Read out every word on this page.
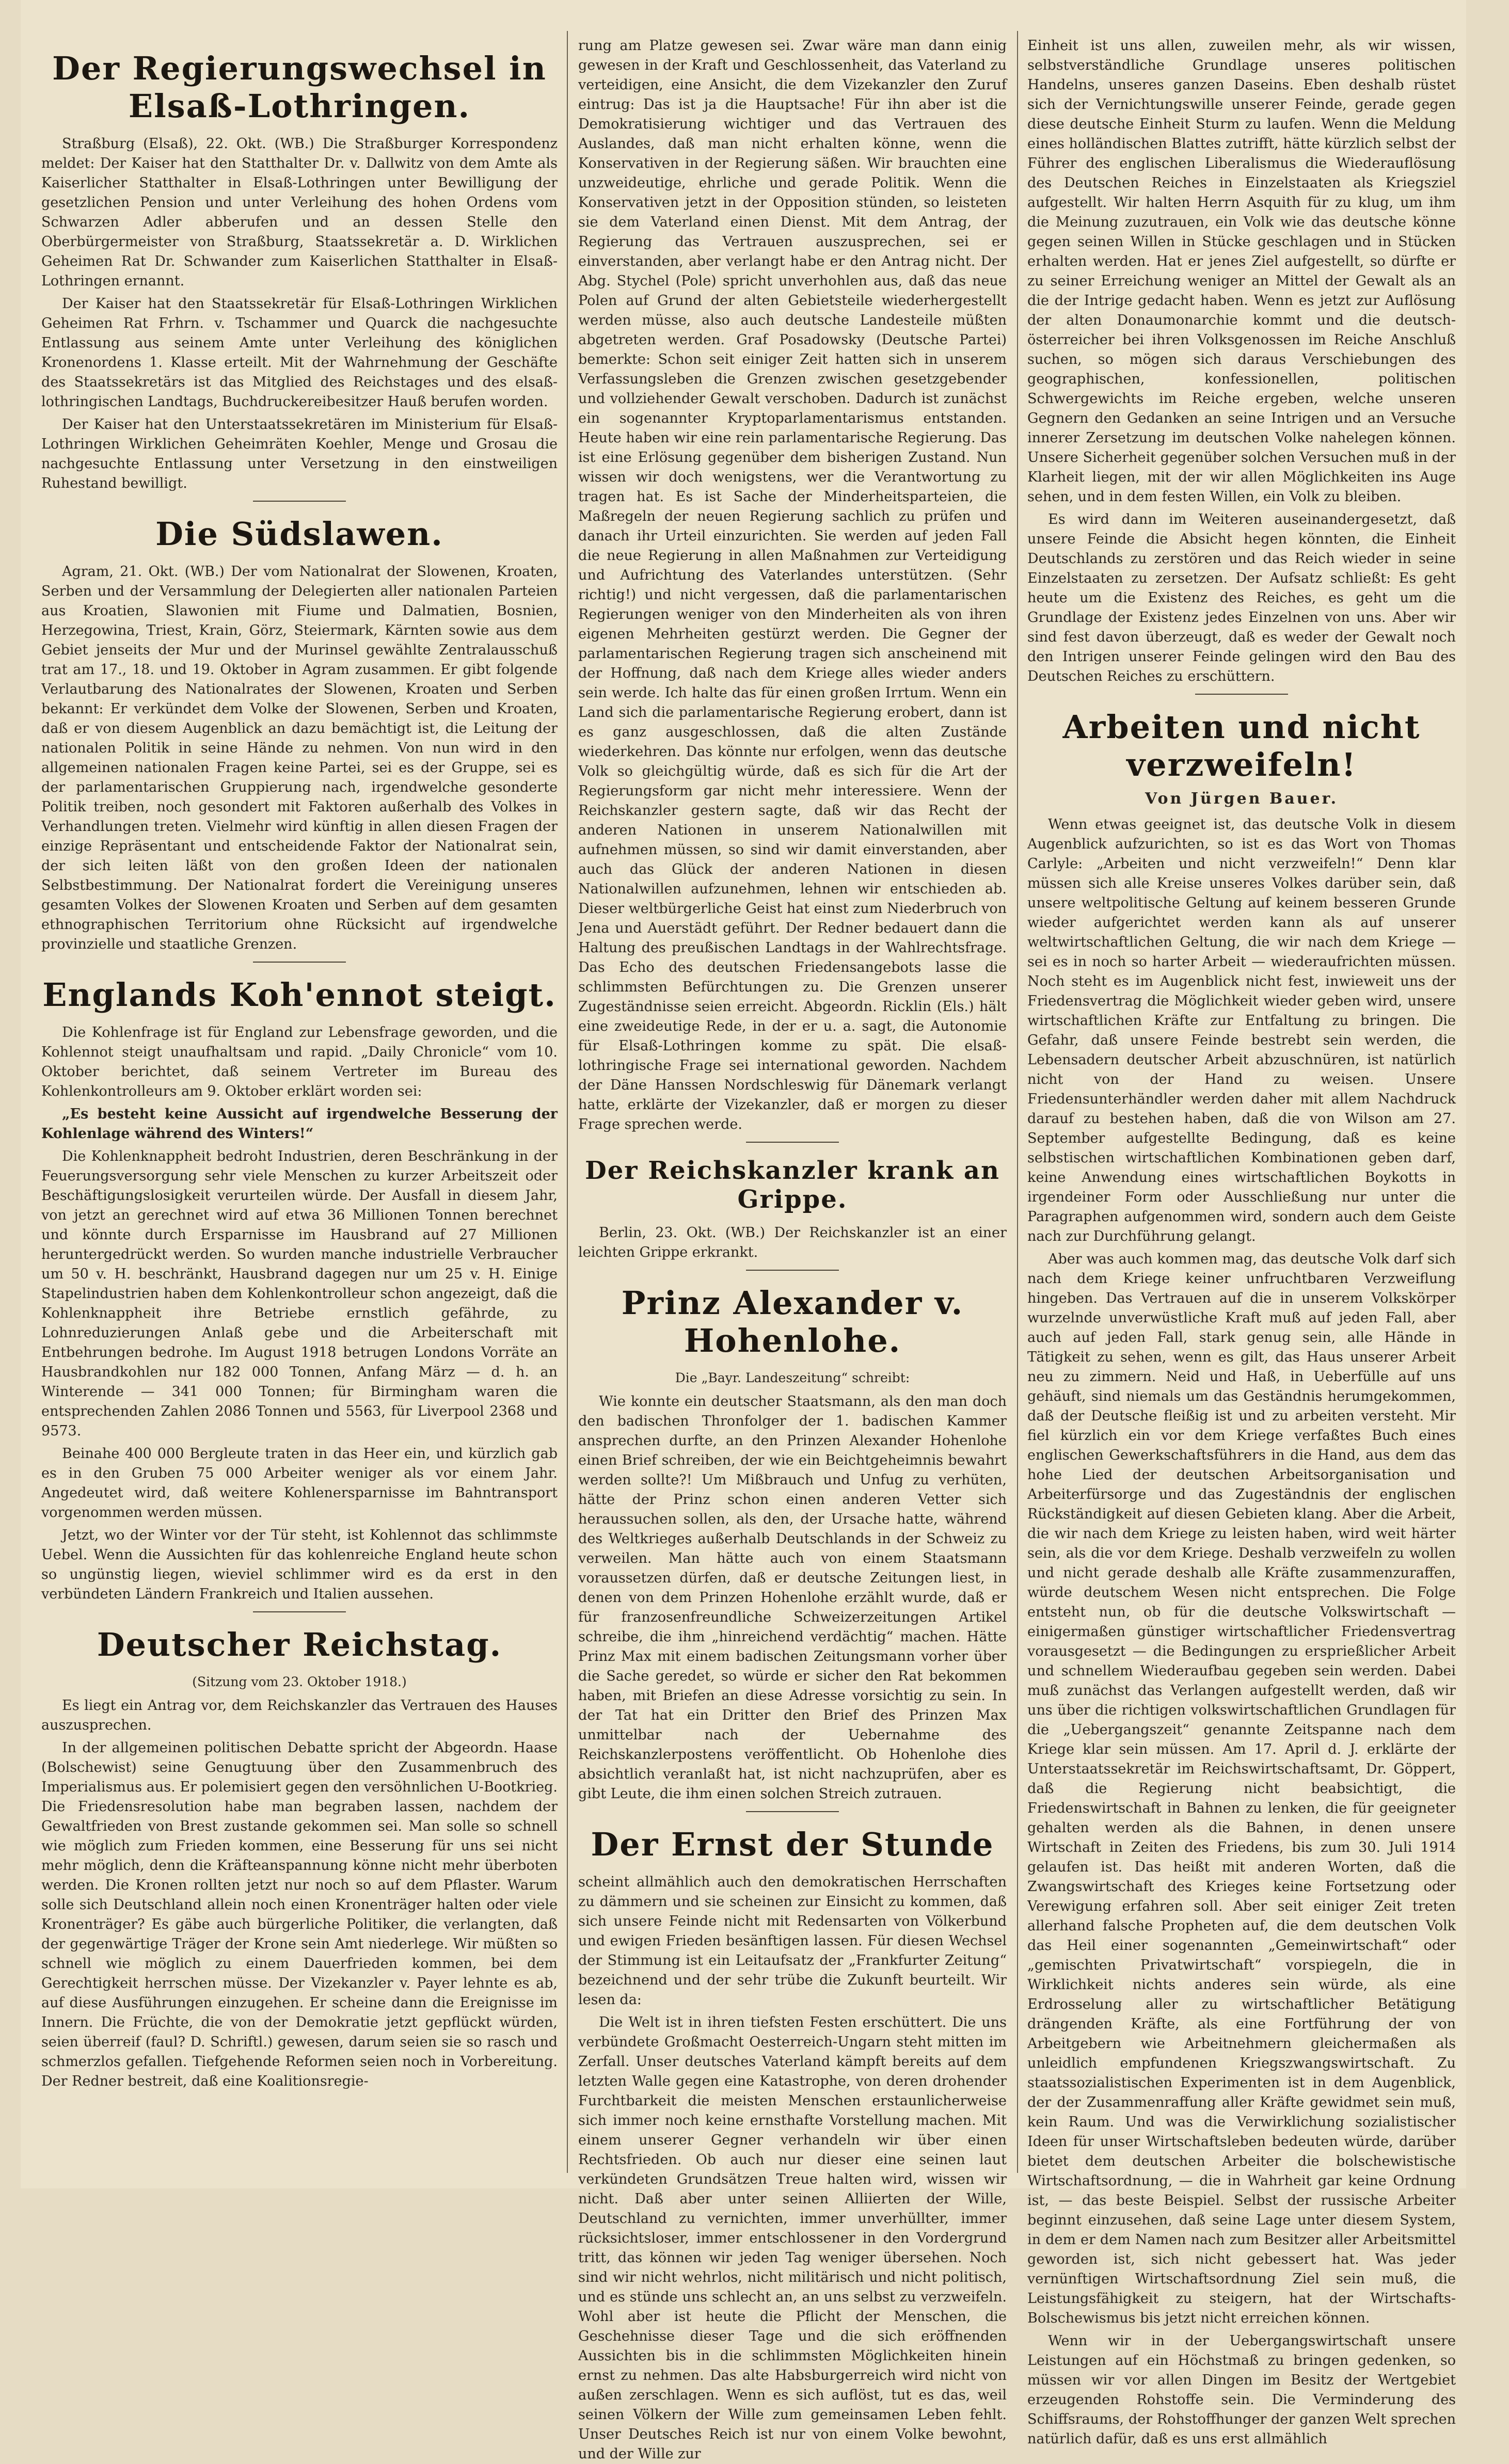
Der Regierungswechsel in Elsaß-Lothringen.

Straßburg (Elsaß), 22. Okt. (WB.) Die Straßburger Korrespondenz meldet: Der Kaiser hat den Statthalter Dr. v. Dallwitz von dem Amte als Kaiserlicher Statthalter in Elsaß-Lothringen unter Bewilligung der gesetzlichen Pension und unter Verleihung des hohen Ordens vom Schwarzen Adler abberufen und an dessen Stelle den Oberbürgermeister von Straßburg, Staatssekretär a. D. Wirklichen Geheimen Rat Dr. Schwander zum Kaiserlichen Statthalter in Elsaß-Lothringen ernannt.

Der Kaiser hat den Staatssekretär für Elsaß-Lothringen Wirklichen Geheimen Rat Frhrn. v. Tschammer und Quarck die nachgesuchte Entlassung aus seinem Amte unter Verleihung des königlichen Kronenordens 1. Klasse erteilt. Mit der Wahrnehmung der Geschäfte des Staatssekretärs ist das Mitglied des Reichstages und des elsaß-lothringischen Landtags, Buchdruckereibesitzer Hauß berufen worden.

Der Kaiser hat den Unterstaatssekretären im Ministerium für Elsaß-Lothringen Wirklichen Geheimräten Koehler, Menge und Grosau die nachgesuchte Entlassung unter Versetzung in den einstweiligen Ruhestand bewilligt.

Die Südslawen.

Agram, 21. Okt. (WB.) Der vom Nationalrat der Slowenen, Kroaten, Serben und der Versammlung der Delegierten aller nationalen Parteien aus Kroatien, Slawonien mit Fiume und Dalmatien, Bosnien, Herzegowina, Triest, Krain, Görz, Steiermark, Kärnten sowie aus dem Gebiet jenseits der Mur und der Murinsel gewählte Zentralausschuß trat am 17., 18. und 19. Oktober in Agram zusammen. Er gibt folgende Verlautbarung des Nationalrates der Slowenen, Kroaten und Serben bekannt: Er verkündet dem Volke der Slowenen, Serben und Kroaten, daß er von diesem Augenblick an dazu bemächtigt ist, die Leitung der nationalen Politik in seine Hände zu nehmen. Von nun wird in den allgemeinen nationalen Fragen keine Partei, sei es der Gruppe, sei es der parlamentarischen Gruppierung nach, irgendwelche gesonderte Politik treiben, noch gesondert mit Faktoren außerhalb des Volkes in Verhandlungen treten. Vielmehr wird künftig in allen diesen Fragen der einzige Repräsentant und entscheidende Faktor der Nationalrat sein, der sich leiten läßt von den großen Ideen der nationalen Selbstbestimmung. Der Nationalrat fordert die Vereinigung unseres gesamten Volkes der Slowenen Kroaten und Serben auf dem gesamten ethnographischen Territorium ohne Rücksicht auf irgendwelche provinzielle und staatliche Grenzen.

Englands Koh'ennot steigt.

Die Kohlenfrage ist für England zur Lebensfrage geworden, und die Kohlennot steigt unaufhaltsam und rapid. „Daily Chronicle“ vom 10. Oktober berichtet, daß seinem Vertreter im Bureau des Kohlenkontrolleurs am 9. Oktober erklärt worden sei:

„Es besteht keine Aussicht auf irgendwelche Besserung der Kohlenlage während des Winters!“

Die Kohlenknappheit bedroht Industrien, deren Beschränkung in der Feuerungsversorgung sehr viele Menschen zu kurzer Arbeitszeit oder Beschäftigungslosigkeit verurteilen würde. Der Ausfall in diesem Jahr, von jetzt an gerechnet wird auf etwa 36 Millionen Tonnen berechnet und könnte durch Ersparnisse im Hausbrand auf 27 Millionen heruntergedrückt werden. So wurden manche industrielle Verbraucher um 50 v. H. beschränkt, Hausbrand dagegen nur um 25 v. H. Einige Stapelindustrien haben dem Kohlenkontrolleur schon angezeigt, daß die Kohlenknappheit ihre Betriebe ernstlich gefährde, zu Lohnreduzierungen Anlaß gebe und die Arbeiterschaft mit Entbehrungen bedrohe. Im August 1918 betrugen Londons Vorräte an Hausbrandkohlen nur 182 000 Tonnen, Anfang März — d. h. an Winterende — 341 000 Tonnen; für Birmingham waren die entsprechenden Zahlen 2086 Tonnen und 5563, für Liverpool 2368 und 9573.

Beinahe 400 000 Bergleute traten in das Heer ein, und kürzlich gab es in den Gruben 75 000 Arbeiter weniger als vor einem Jahr. Angedeutet wird, daß weitere Kohlenersparnisse im Bahntransport vorgenommen werden müssen.

Jetzt, wo der Winter vor der Tür steht, ist Kohlennot das schlimmste Uebel. Wenn die Aussichten für das kohlenreiche England heute schon so ungünstig liegen, wieviel schlimmer wird es da erst in den verbündeten Ländern Frankreich und Italien aussehen.

Deutscher Reichstag.
(Sitzung vom 23. Oktober 1918.)

Es liegt ein Antrag vor, dem Reichskanzler das Vertrauen des Hauses auszusprechen.

In der allgemeinen politischen Debatte spricht der Abgeordn. Haase (Bolschewist) seine Genugtuung über den Zusammenbruch des Imperialismus aus. Er polemisiert gegen den versöhnlichen U-Bootkrieg. Die Friedensresolution habe man begraben lassen, nachdem der Gewaltfrieden von Brest zustande gekommen sei. Man solle so schnell wie möglich zum Frieden kommen, eine Besserung für uns sei nicht mehr möglich, denn die Kräfteanspannung könne nicht mehr überboten werden. Die Kronen rollten jetzt nur noch so auf dem Pflaster. Warum solle sich Deutschland allein noch einen Kronenträger halten oder viele Kronenträger? Es gäbe auch bürgerliche Politiker, die verlangten, daß der gegenwärtige Träger der Krone sein Amt niederlege. Wir müßten so schnell wie möglich zu einem Dauerfrieden kommen, bei dem Gerechtigkeit herrschen müsse. Der Vizekanzler v. Payer lehnte es ab, auf diese Ausführungen einzugehen. Er scheine dann die Ereignisse im Innern. Die Früchte, die von der Demokratie jetzt gepflückt würden, seien überreif (faul? D. Schriftl.) gewesen, darum seien sie so rasch und schmerzlos gefallen. Tiefgehende Reformen seien noch in Vorbereitung. Der Redner bestreit, daß eine Koalitionsregie-

rung am Platze gewesen sei. Zwar wäre man dann einig gewesen in der Kraft und Geschlossenheit, das Vaterland zu verteidigen, eine Ansicht, die dem Vizekanzler den Zuruf eintrug: Das ist ja die Hauptsache! Für ihn aber ist die Demokratisierung wichtiger und das Vertrauen des Auslandes, daß man nicht erhalten könne, wenn die Konservativen in der Regierung säßen. Wir brauchten eine unzweideutige, ehrliche und gerade Politik. Wenn die Konservativen jetzt in der Opposition stünden, so leisteten sie dem Vaterland einen Dienst. Mit dem Antrag, der Regierung das Vertrauen auszusprechen, sei er einverstanden, aber verlangt habe er den Antrag nicht. Der Abg. Stychel (Pole) spricht unverhohlen aus, daß das neue Polen auf Grund der alten Gebietsteile wiederhergestellt werden müsse, also auch deutsche Landesteile müßten abgetreten werden. Graf Posadowsky (Deutsche Partei) bemerkte: Schon seit einiger Zeit hatten sich in unserem Verfassungsleben die Grenzen zwischen gesetzgebender und vollziehender Gewalt verschoben. Dadurch ist zunächst ein sogenannter Kryptoparlamentarismus entstanden. Heute haben wir eine rein parlamentarische Regierung. Das ist eine Erlösung gegenüber dem bisherigen Zustand. Nun wissen wir doch wenigstens, wer die Verantwortung zu tragen hat. Es ist Sache der Minderheitsparteien, die Maßregeln der neuen Regierung sachlich zu prüfen und danach ihr Urteil einzurichten. Sie werden auf jeden Fall die neue Regierung in allen Maßnahmen zur Verteidigung und Aufrichtung des Vaterlandes unterstützen. (Sehr richtig!) und nicht vergessen, daß die parlamentarischen Regierungen weniger von den Minderheiten als von ihren eigenen Mehrheiten gestürzt werden. Die Gegner der parlamentarischen Regierung tragen sich anscheinend mit der Hoffnung, daß nach dem Kriege alles wieder anders sein werde. Ich halte das für einen großen Irrtum. Wenn ein Land sich die parlamentarische Regierung erobert, dann ist es ganz ausgeschlossen, daß die alten Zustände wiederkehren. Das könnte nur erfolgen, wenn das deutsche Volk so gleichgültig würde, daß es sich für die Art der Regierungsform gar nicht mehr interessiere. Wenn der Reichskanzler gestern sagte, daß wir das Recht der anderen Nationen in unserem Nationalwillen mit aufnehmen müssen, so sind wir damit einverstanden, aber auch das Glück der anderen Nationen in diesen Nationalwillen aufzunehmen, lehnen wir entschieden ab. Dieser weltbürgerliche Geist hat einst zum Niederbruch von Jena und Auerstädt geführt. Der Redner bedauert dann die Haltung des preußischen Landtags in der Wahlrechtsfrage. Das Echo des deutschen Friedensangebots lasse die schlimmsten Befürchtungen zu. Die Grenzen unserer Zugeständnisse seien erreicht. Abgeordn. Ricklin (Els.) hält eine zweideutige Rede, in der er u. a. sagt, die Autonomie für Elsaß-Lothringen komme zu spät. Die elsaß-lothringische Frage sei international geworden. Nachdem der Däne Hanssen Nordschleswig für Dänemark verlangt hatte, erklärte der Vizekanzler, daß er morgen zu dieser Frage sprechen werde.

Der Reichskanzler krank an Grippe.

Berlin, 23. Okt. (WB.) Der Reichskanzler ist an einer leichten Grippe erkrankt.

Prinz Alexander v. Hohenlohe.
Die „Bayr. Landeszeitung“ schreibt:

Wie konnte ein deutscher Staatsmann, als den man doch den badischen Thronfolger der 1. badischen Kammer ansprechen durfte, an den Prinzen Alexander Hohenlohe einen Brief schreiben, der wie ein Beichtgeheimnis bewahrt werden sollte?! Um Mißbrauch und Unfug zu verhüten, hätte der Prinz schon einen anderen Vetter sich heraussuchen sollen, als den, der Ursache hatte, während des Weltkrieges außerhalb Deutschlands in der Schweiz zu verweilen. Man hätte auch von einem Staatsmann voraussetzen dürfen, daß er deutsche Zeitungen liest, in denen von dem Prinzen Hohenlohe erzählt wurde, daß er für franzosenfreundliche Schweizerzeitungen Artikel schreibe, die ihm „hinreichend verdächtig“ machen. Hätte Prinz Max mit einem badischen Zeitungsmann vorher über die Sache geredet, so würde er sicher den Rat bekommen haben, mit Briefen an diese Adresse vorsichtig zu sein. In der Tat hat ein Dritter den Brief des Prinzen Max unmittelbar nach der Uebernahme des Reichskanzlerpostens veröffentlicht. Ob Hohenlohe dies absichtlich veranlaßt hat, ist nicht nachzuprüfen, aber es gibt Leute, die ihm einen solchen Streich zutrauen.

Der Ernst der Stunde

scheint allmählich auch den demokratischen Herrschaften zu dämmern und sie scheinen zur Einsicht zu kommen, daß sich unsere Feinde nicht mit Redensarten von Völkerbund und ewigen Frieden besänftigen lassen. Für diesen Wechsel der Stimmung ist ein Leitaufsatz der „Frankfurter Zeitung“ bezeichnend und der sehr trübe die Zukunft beurteilt. Wir lesen da:

Die Welt ist in ihren tiefsten Festen erschüttert. Die uns verbündete Großmacht Oesterreich-Ungarn steht mitten im Zerfall. Unser deutsches Vaterland kämpft bereits auf dem letzten Walle gegen eine Katastrophe, von deren drohender Furchtbarkeit die meisten Menschen erstaunlicherweise sich immer noch keine ernsthafte Vorstellung machen. Mit einem unserer Gegner verhandeln wir über einen Rechtsfrieden. Ob auch nur dieser eine seinen laut verkündeten Grundsätzen Treue halten wird, wissen wir nicht. Daß aber unter seinen Alliierten der Wille, Deutschland zu vernichten, immer unverhüllter, immer rücksichtsloser, immer entschlossener in den Vordergrund tritt, das können wir jeden Tag weniger übersehen. Noch sind wir nicht wehrlos, nicht militärisch und nicht politisch, und es stünde uns schlecht an, an uns selbst zu verzweifeln. Wohl aber ist heute die Pflicht der Menschen, die Geschehnisse dieser Tage und die sich eröffnenden Aussichten bis in die schlimmsten Möglichkeiten hinein ernst zu nehmen. Das alte Habsburgerreich wird nicht von außen zerschlagen. Wenn es sich auflöst, tut es das, weil seinen Völkern der Wille zum gemeinsamen Leben fehlt. Unser Deutsches Reich ist nur von einem Volke bewohnt, und der Wille zur

Einheit ist uns allen, zuweilen mehr, als wir wissen, selbstverständliche Grundlage unseres politischen Handelns, unseres ganzen Daseins. Eben deshalb rüstet sich der Vernichtungswille unserer Feinde, gerade gegen diese deutsche Einheit Sturm zu laufen. Wenn die Meldung eines holländischen Blattes zutrifft, hätte kürzlich selbst der Führer des englischen Liberalismus die Wiederauflösung des Deutschen Reiches in Einzelstaaten als Kriegsziel aufgestellt. Wir halten Herrn Asquith für zu klug, um ihm die Meinung zuzutrauen, ein Volk wie das deutsche könne gegen seinen Willen in Stücke geschlagen und in Stücken erhalten werden. Hat er jenes Ziel aufgestellt, so dürfte er zu seiner Erreichung weniger an Mittel der Gewalt als an die der Intrige gedacht haben. Wenn es jetzt zur Auflösung der alten Donaumonarchie kommt und die deutsch-österreicher bei ihren Volksgenossen im Reiche Anschluß suchen, so mögen sich daraus Verschiebungen des geographischen, konfessionellen, politischen Schwergewichts im Reiche ergeben, welche unseren Gegnern den Gedanken an seine Intrigen und an Versuche innerer Zersetzung im deutschen Volke nahelegen können. Unsere Sicherheit gegenüber solchen Versuchen muß in der Klarheit liegen, mit der wir allen Möglichkeiten ins Auge sehen, und in dem festen Willen, ein Volk zu bleiben.

Es wird dann im Weiteren auseinandergesetzt, daß unsere Feinde die Absicht hegen könnten, die Einheit Deutschlands zu zerstören und das Reich wieder in seine Einzelstaaten zu zersetzen. Der Aufsatz schließt: Es geht heute um die Existenz des Reiches, es geht um die Grundlage der Existenz jedes Einzelnen von uns. Aber wir sind fest davon überzeugt, daß es weder der Gewalt noch den Intrigen unserer Feinde gelingen wird den Bau des Deutschen Reiches zu erschüttern.

Arbeiten und nicht verzweifeln!
Von Jürgen Bauer.

Wenn etwas geeignet ist, das deutsche Volk in diesem Augenblick aufzurichten, so ist es das Wort von Thomas Carlyle: „Arbeiten und nicht verzweifeln!“ Denn klar müssen sich alle Kreise unseres Volkes darüber sein, daß unsere weltpolitische Geltung auf keinem besseren Grunde wieder aufgerichtet werden kann als auf unserer weltwirtschaftlichen Geltung, die wir nach dem Kriege — sei es in noch so harter Arbeit — wiederaufrichten müssen. Noch steht es im Augenblick nicht fest, inwieweit uns der Friedensvertrag die Möglichkeit wieder geben wird, unsere wirtschaftlichen Kräfte zur Entfaltung zu bringen. Die Gefahr, daß unsere Feinde bestrebt sein werden, die Lebensadern deutscher Arbeit abzuschnüren, ist natürlich nicht von der Hand zu weisen. Unsere Friedensunterhändler werden daher mit allem Nachdruck darauf zu bestehen haben, daß die von Wilson am 27. September aufgestellte Bedingung, daß es keine selbstischen wirtschaftlichen Kombinationen geben darf, keine Anwendung eines wirtschaftlichen Boykotts in irgendeiner Form oder Ausschließung nur unter die Paragraphen aufgenommen wird, sondern auch dem Geiste nach zur Durchführung gelangt.

Aber was auch kommen mag, das deutsche Volk darf sich nach dem Kriege keiner unfruchtbaren Verzweiflung hingeben. Das Vertrauen auf die in unserem Volkskörper wurzelnde unverwüstliche Kraft muß auf jeden Fall, aber auch auf jeden Fall, stark genug sein, alle Hände in Tätigkeit zu sehen, wenn es gilt, das Haus unserer Arbeit neu zu zimmern. Neid und Haß, in Ueberfülle auf uns gehäuft, sind niemals um das Geständnis herumgekommen, daß der Deutsche fleißig ist und zu arbeiten versteht. Mir fiel kürzlich ein vor dem Kriege verfaßtes Buch eines englischen Gewerkschaftsführers in die Hand, aus dem das hohe Lied der deutschen Arbeitsorganisation und Arbeiterfürsorge und das Zugeständnis der englischen Rückständigkeit auf diesen Gebieten klang. Aber die Arbeit, die wir nach dem Kriege zu leisten haben, wird weit härter sein, als die vor dem Kriege. Deshalb verzweifeln zu wollen und nicht gerade deshalb alle Kräfte zusammenzuraffen, würde deutschem Wesen nicht entsprechen. Die Folge entsteht nun, ob für die deutsche Volkswirtschaft — einigermaßen günstiger wirtschaftlicher Friedensvertrag vorausgesetzt — die Bedingungen zu ersprießlicher Arbeit und schnellem Wiederaufbau gegeben sein werden. Dabei muß zunächst das Verlangen aufgestellt werden, daß wir uns über die richtigen volkswirtschaftlichen Grundlagen für die „Uebergangszeit“ genannte Zeitspanne nach dem Kriege klar sein müssen. Am 17. April d. J. erklärte der Unterstaatssekretär im Reichswirtschaftsamt, Dr. Göppert, daß die Regierung nicht beabsichtigt, die Friedenswirtschaft in Bahnen zu lenken, die für geeigneter gehalten werden als die Bahnen, in denen unsere Wirtschaft in Zeiten des Friedens, bis zum 30. Juli 1914 gelaufen ist. Das heißt mit anderen Worten, daß die Zwangswirtschaft des Krieges keine Fortsetzung oder Verewigung erfahren soll. Aber seit einiger Zeit treten allerhand falsche Propheten auf, die dem deutschen Volk das Heil einer sogenannten „Gemeinwirtschaft“ oder „gemischten Privatwirtschaft“ vorspiegeln, die in Wirklichkeit nichts anderes sein würde, als eine Erdrosselung aller zu wirtschaftlicher Betätigung drängenden Kräfte, als eine Fortführung der von Arbeitgebern wie Arbeitnehmern gleichermaßen als unleidlich empfundenen Kriegszwangswirtschaft. Zu staatssozialistischen Experimenten ist in dem Augenblick, der der Zusammenraffung aller Kräfte gewidmet sein muß, kein Raum. Und was die Verwirklichung sozialistischer Ideen für unser Wirtschaftsleben bedeuten würde, darüber bietet dem deutschen Arbeiter die bolschewistische Wirtschaftsordnung, — die in Wahrheit gar keine Ordnung ist, — das beste Beispiel. Selbst der russische Arbeiter beginnt einzusehen, daß seine Lage unter diesem System, in dem er dem Namen nach zum Besitzer aller Arbeitsmittel geworden ist, sich nicht gebessert hat. Was jeder vernünftigen Wirtschaftsordnung Ziel sein muß, die Leistungsfähigkeit zu steigern, hat der Wirtschafts-Bolschewismus bis jetzt nicht erreichen können.

Wenn wir in der Uebergangswirtschaft unsere Leistungen auf ein Höchstmaß zu bringen gedenken, so müssen wir vor allen Dingen im Besitz der Wertgebiet erzeugenden Rohstoffe sein. Die Verminderung des Schiffsraums, der Rohstoffhunger der ganzen Welt sprechen natürlich dafür, daß es uns erst allmählich
